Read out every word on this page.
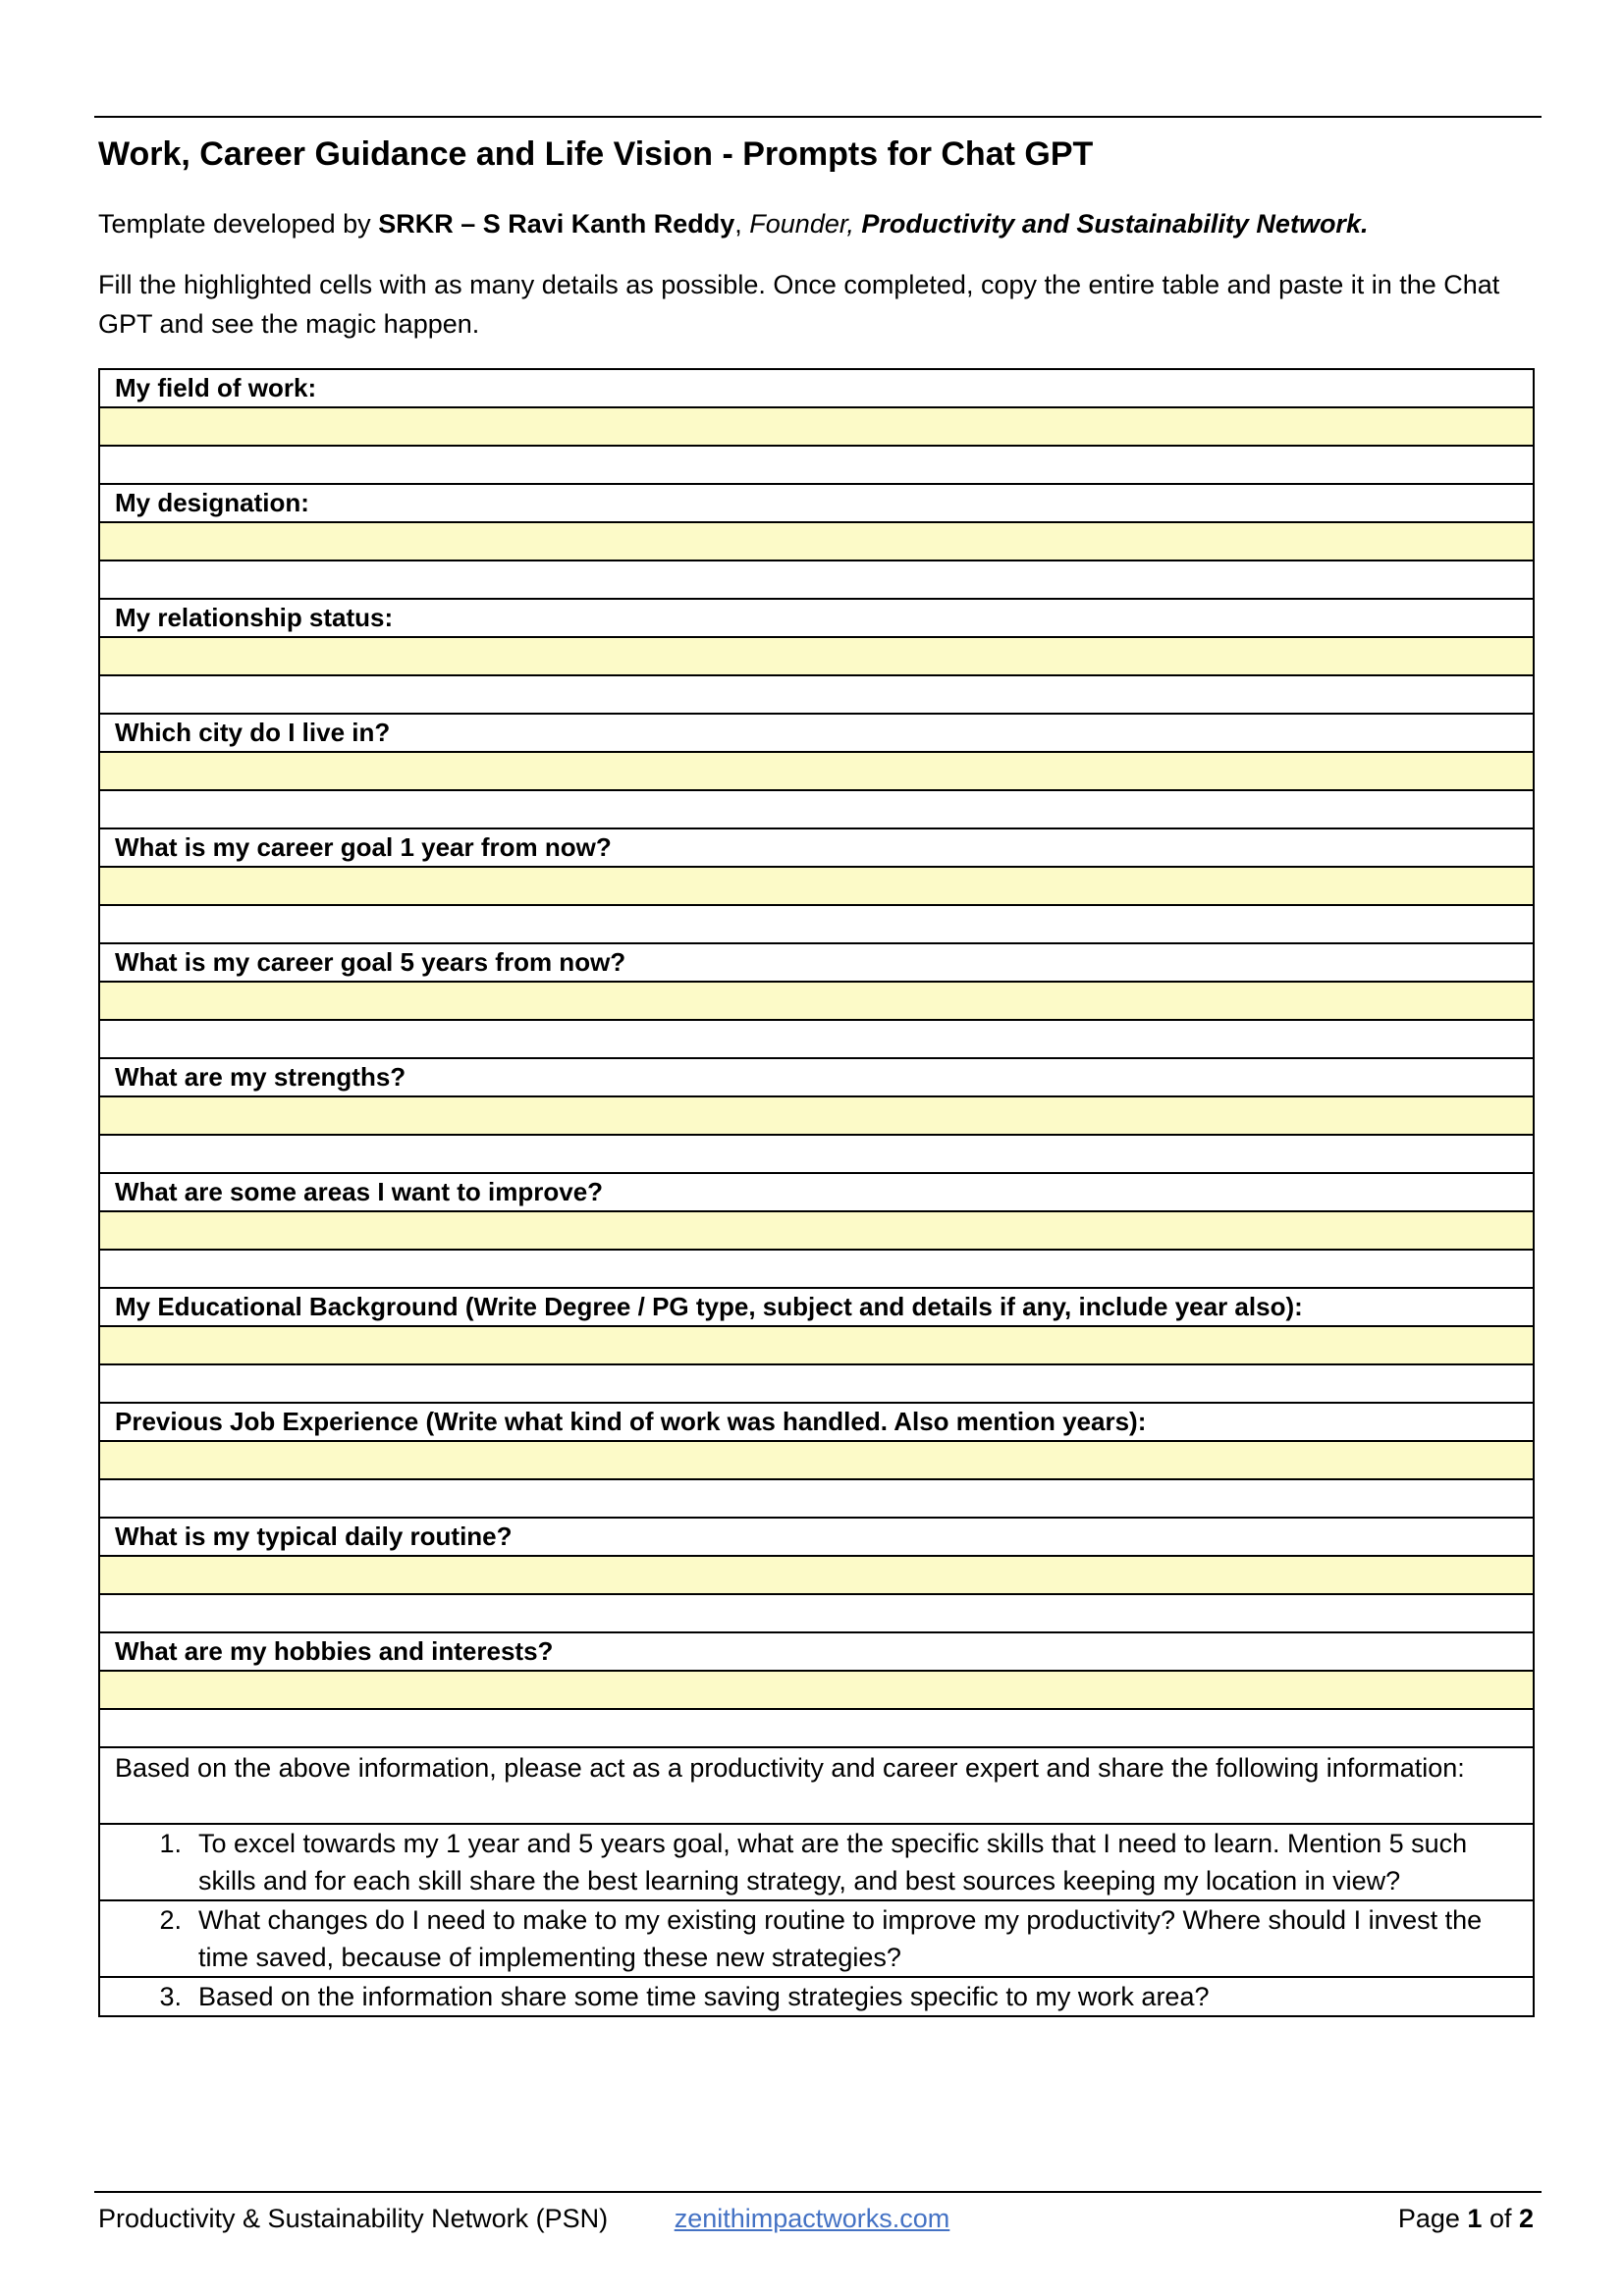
Work, Career Guidance and Life Vision - Prompts for Chat GPT
Template developed by SRKR – S Ravi Kanth Reddy, Founder, Productivity and Sustainability Network.
Fill the highlighted cells with as many details as possible. Once completed, copy the entire table and paste it in the Chat GPT and see the magic happen.
My field of work:
My designation:
My relationship status:
Which city do I live in?
What is my career goal 1 year from now?
What is my career goal 5 years from now?
What are my strengths?
What are some areas I want to improve?
My Educational Background (Write Degree / PG type, subject and details if any, include year also):
Previous Job Experience (Write what kind of work was handled. Also mention years):
What is my typical daily routine?
What are my hobbies and interests?
Based on the above information, please act as a productivity and career expert and share the following information:
1. To excel towards my 1 year and 5 years goal, what are the specific skills that I need to learn. Mention 5 such skills and for each skill share the best learning strategy, and best sources keeping my location in view?
2. What changes do I need to make to my existing routine to improve my productivity? Where should I invest the time saved, because of implementing these new strategies?
3. Based on the information share some time saving strategies specific to my work area?
Productivity & Sustainability Network (PSN)	zenithimpactworks.com	Page 1 of 2
